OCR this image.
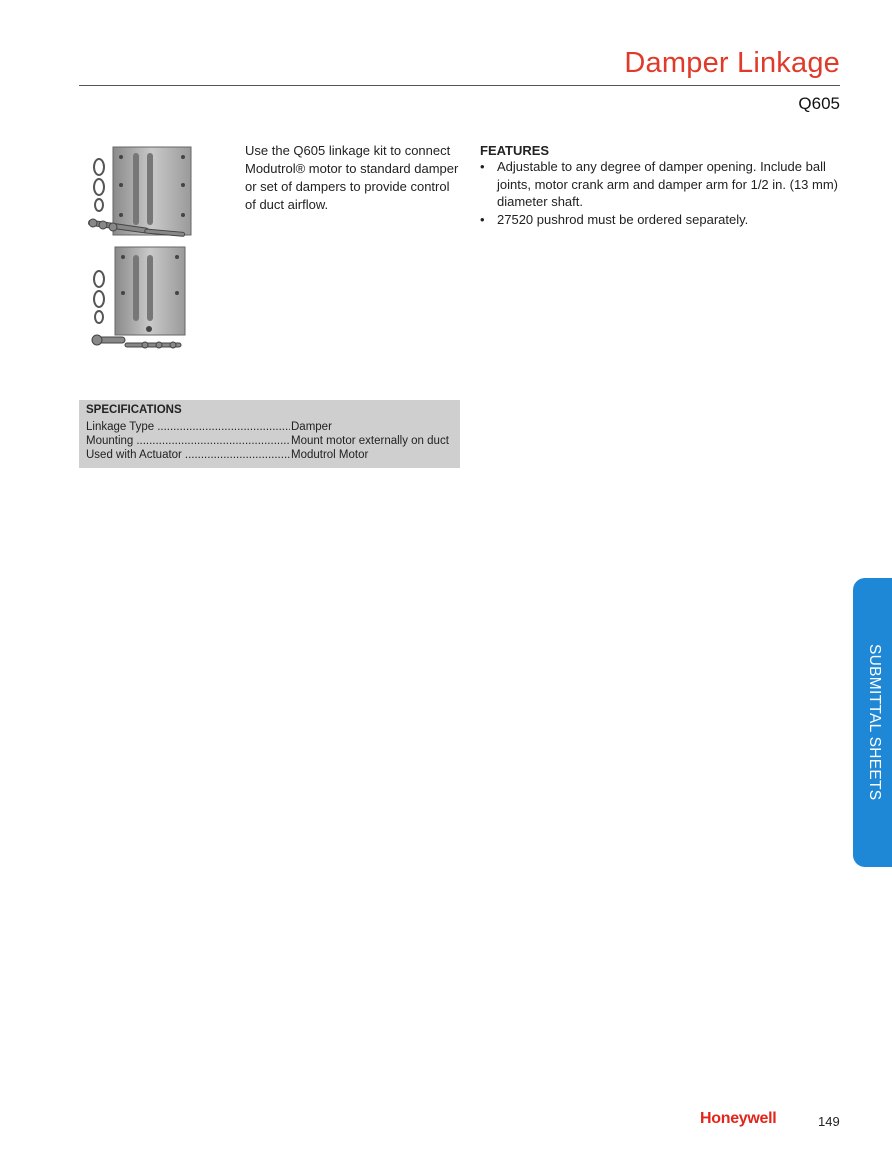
Damper Linkage
Q605

Use the Q605 linkage kit to connect Modutrol® motor to standard damper or set of dampers to provide control of duct airflow.

FEATURES
• Adjustable to any degree of damper opening. Include ball joints, motor crank arm and damper arm for 1/2 in. (13 mm) diameter shaft.
• 27520 pushrod must be ordered separately.
SPECIFICATIONS
Linkage Type .....	Damper
Mounting .....	Mount motor externally on duct
Used with Actuator .....	Modutrol Motor
SUBMITTAL SHEETS
Honeywell	149
